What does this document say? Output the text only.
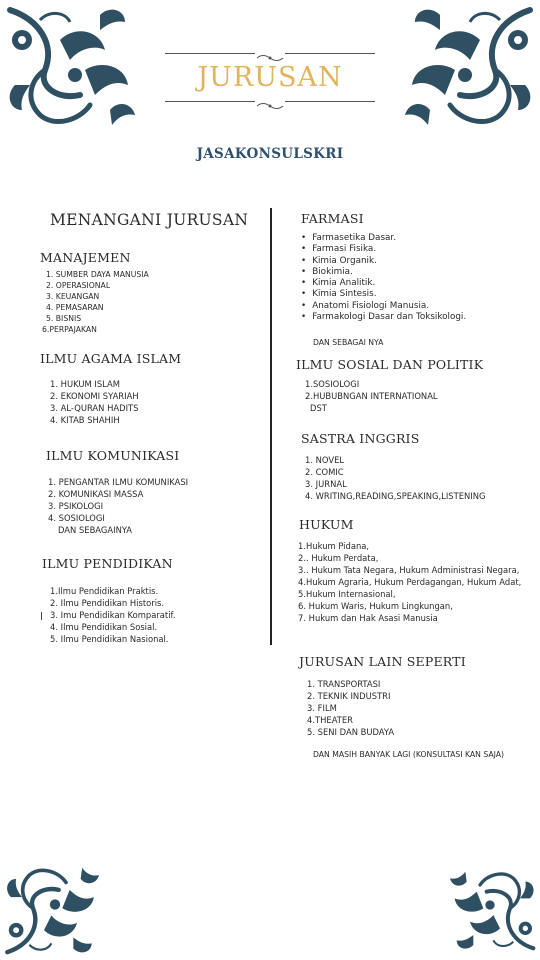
JURUSAN
JASAKONSULSKRI
MENANGANI JURUSAN
MANAJEMEN
1. SUMBER DAYA MANUSIA
2. OPERASIONAL
3. KEUANGAN
4. PEMASARAN
5. BISNIS
6.PERPAJAKAN
ILMU AGAMA ISLAM
1. HUKUM ISLAM
2. EKONOMI SYARIAH
3. AL-QURAN HADITS
4. KITAB SHAHIH
ILMU KOMUNIKASI
1. PENGANTAR ILMU KOMUNIKASI
2. KOMUNIKASI MASSA
3. PSIKOLOGI
4. SOSIOLOGI
DAN SEBAGAINYA
ILMU PENDIDIKAN
1.Ilmu Pendidikan Praktis.
2. Ilmu Pendidikan Historis.
3. Imu Pendidikan Komparatif.
4. Ilmu Pendidikan Sosial.
5. Ilmu Pendidikan Nasional.
FARMASI
• Farmasetika Dasar.
• Farmasi Fisika.
• Kimia Organik.
• Biokimia.
• Kimia Analitik.
• Kimia Sintesis.
• Anatomi Fisiologi Manusia.
• Farmakologi Dasar dan Toksikologi.
DAN SEBAGAI NYA
ILMU SOSIAL DAN POLITIK
1.SOSIOLOGI
2.HUBUBNGAN INTERNATIONAL
DST
SASTRA INGGRIS
1. NOVEL
2. COMIC
3. JURNAL
4. WRITING,READING,SPEAKING,LISTENING
HUKUM
1.Hukum Pidana,
2.. Hukum Perdata,
3.. Hukum Tata Negara, Hukum Administrasi Negara,
4.Hukum Agraria, Hukum Perdagangan, Hukum Adat,
5.Hukum Internasional,
6. Hukum Waris, Hukum Lingkungan,
7. Hukum dan Hak Asasi Manusia
JURUSAN LAIN SEPERTI
1. TRANSPORTASI
2. TEKNIK INDUSTRI
3. FILM
4.THEATER
5. SENI DAN BUDAYA
DAN MASIH BANYAK LAGI (KONSULTASI KAN SAJA)
